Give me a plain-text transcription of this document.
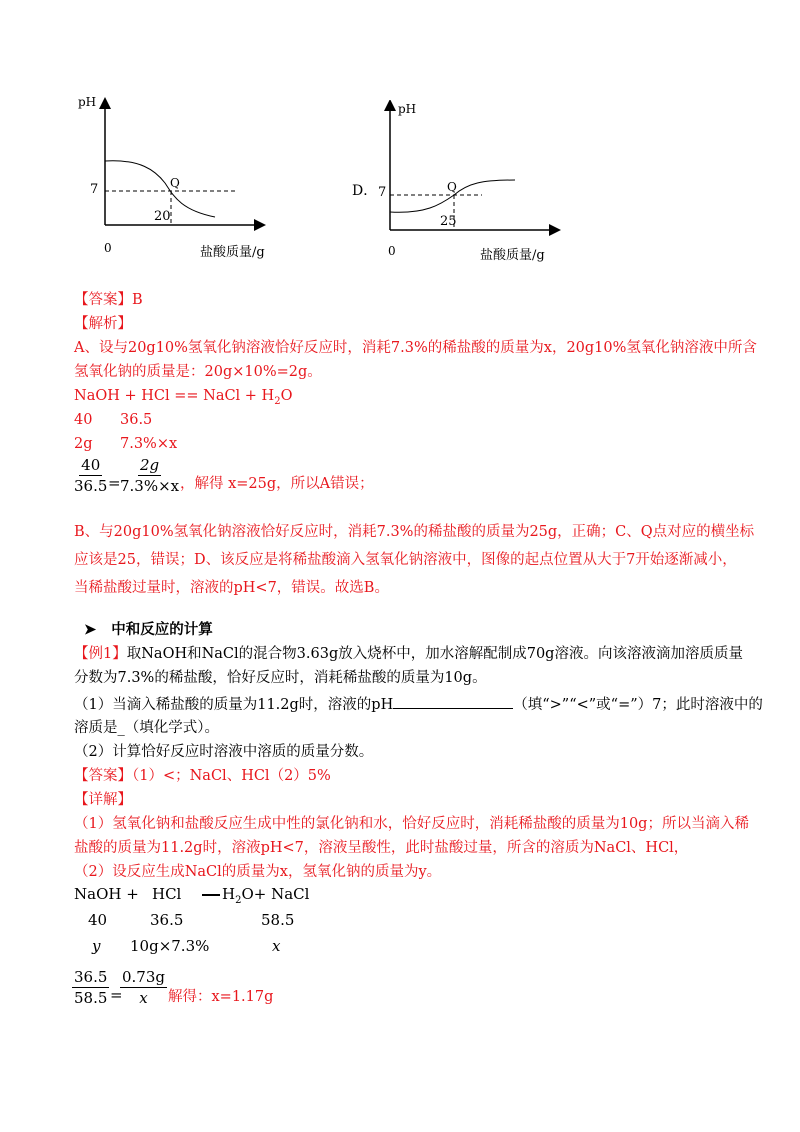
pH
7	Q
20
0	盐酸质量/g
D．
pH
7	Q
25
0	盐酸质量/g
【答案】B
【解析】
A、设与20g10%氢氧化钠溶液恰好反应时，消耗7.3%的稀盐酸的质量为x，20g10%氢氧化钠溶液中所含
氢氧化钠的质量是：20g×10%=2g。
NaOH + HCl == NaCl + $H_2O$
40 36.5
2g 7.3%×x
$\frac{40}{36.5}$
=
$\frac{2g}{7.3\%\times x}$
，解得 x=25g，所以A错误；
B、与20g10%氢氧化钠溶液恰好反应时，消耗7.3%的稀盐酸的质量为25g，正确；C、Q点对应的横坐标
应该是25，错误；D、该反应是将稀盐酸滴入氢氧化钠溶液中，图像的起点位置从大于7开始逐渐减小，
当稀盐酸过量时，溶液的pH<7，错误。故选B。
➤ 中和反应的计算
【例1】取NaOH和NaCl的混合物3.63g放入烧杯中，加水溶解配制成70g溶液。向该溶液滴加溶质质量
分数为7.3%的稀盐酸，恰好反应时，消耗稀盐酸的质量为10g。
（1）当滴入稀盐酸的质量为11.2g时，溶液的pH	（填“>”“<”或“=”）7；此时溶液中的
溶质是_（填化学式）。
（2）计算恰好反应时溶液中溶质的质量分数。
【答案】（1）<；NaCl、HCl（2）5%
【详解】
（1）氢氧化钠和盐酸反应生成中性的氯化钠和水，恰好反应时，消耗稀盐酸的质量为10g；所以当滴入稀
盐酸的质量为11.2g时，溶液pH<7，溶液呈酸性，此时盐酸过量，所含的溶质为NaCl、HCl，
（2）设反应生成NaCl的质量为x，氢氧化钠的质量为y。
NaOH + HCl	$H_2O+$ NaCl
40	36.5	58.5
y 10g×7.3%	x
$\frac{36.5}{58.5}$ =
$\frac{0.73g}{x}$ 解得：x=1.17g
